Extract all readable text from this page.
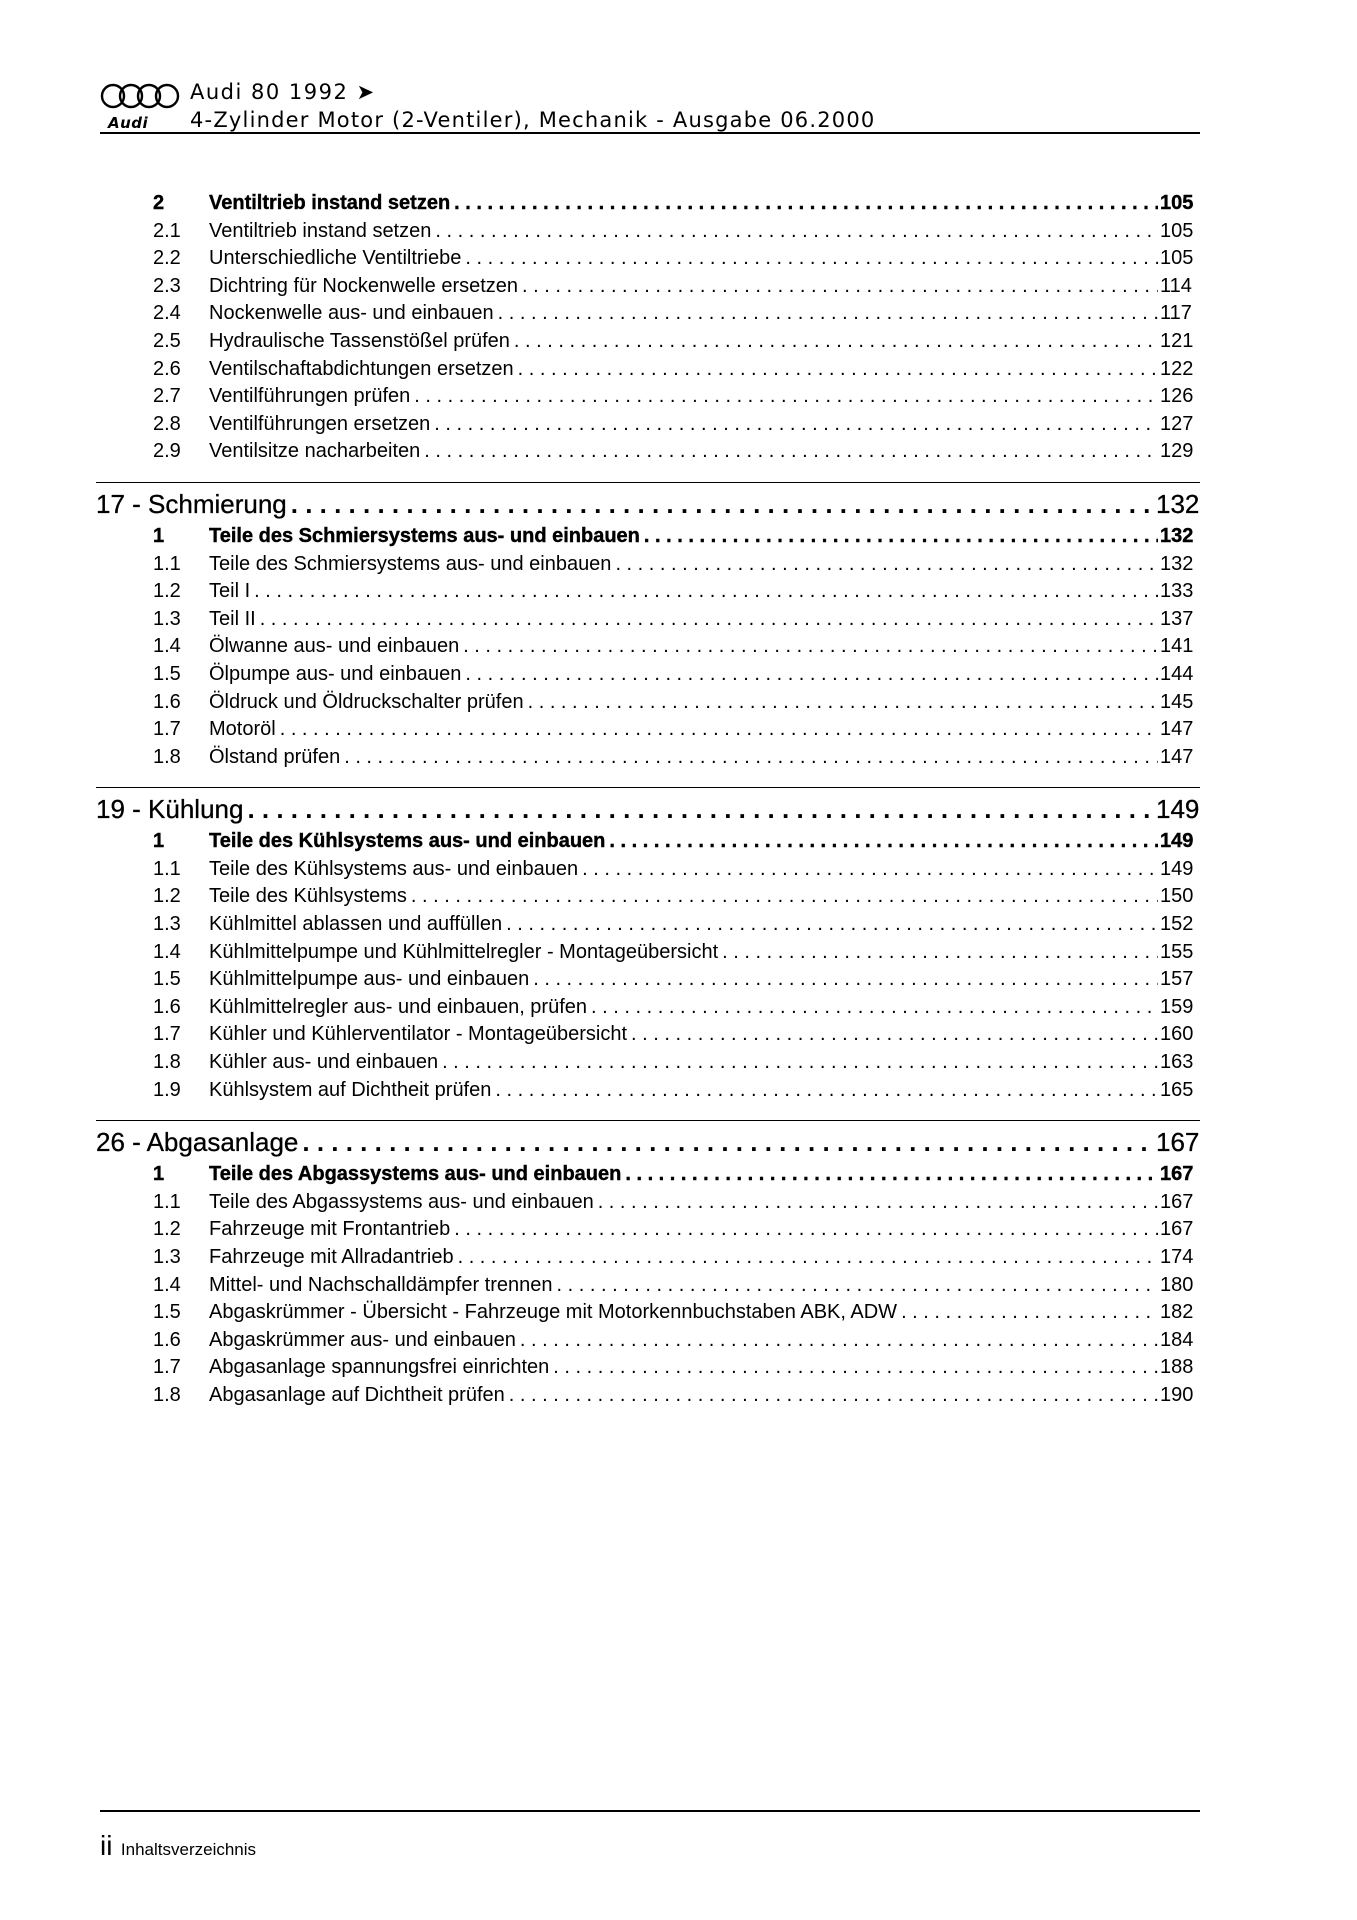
Audi
Audi 80 1992 ➤
4-Zylinder Motor (2-Ventiler), Mechanik - Ausgabe 06.2000
2	Ventiltrieb instand setzen . . .	105
2.1	Ventiltrieb instand setzen . . .	105
2.2	Unterschiedliche Ventiltriebe . . .	105
2.3	Dichtring für Nockenwelle ersetzen . . .	114
2.4	Nockenwelle aus- und einbauen . . .	117
2.5	Hydraulische Tassenstößel prüfen . . .	121
2.6	Ventilschaftabdichtungen ersetzen . . .	122
2.7	Ventilführungen prüfen . . .	126
2.8	Ventilführungen ersetzen . . .	127
2.9	Ventilsitze nacharbeiten . . .	129
17 - Schmierung . . .	132
1	Teile des Schmiersystems aus- und einbauen . . .	132
1.1	Teile des Schmiersystems aus- und einbauen . . .	132
1.2	Teil I . . .	133
1.3	Teil II . . .	137
1.4	Ölwanne aus- und einbauen . . .	141
1.5	Ölpumpe aus- und einbauen . . .	144
1.6	Öldruck und Öldruckschalter prüfen . . .	145
1.7	Motoröl . . .	147
1.8	Ölstand prüfen . . .	147
19 - Kühlung . . .	149
1	Teile des Kühlsystems aus- und einbauen . . .	149
1.1	Teile des Kühlsystems aus- und einbauen . . .	149
1.2	Teile des Kühlsystems . . .	150
1.3	Kühlmittel ablassen und auffüllen . . .	152
1.4	Kühlmittelpumpe und Kühlmittelregler - Montageübersicht . . .	155
1.5	Kühlmittelpumpe aus- und einbauen . . .	157
1.6	Kühlmittelregler aus- und einbauen, prüfen . . .	159
1.7	Kühler und Kühlerventilator - Montageübersicht . . .	160
1.8	Kühler aus- und einbauen . . .	163
1.9	Kühlsystem auf Dichtheit prüfen . . .	165
26 - Abgasanlage . . .	167
1	Teile des Abgassystems aus- und einbauen . . .	167
1.1	Teile des Abgassystems aus- und einbauen . . .	167
1.2	Fahrzeuge mit Frontantrieb . . .	167
1.3	Fahrzeuge mit Allradantrieb . . .	174
1.4	Mittel- und Nachschalldämpfer trennen . . .	180
1.5	Abgaskrümmer - Übersicht - Fahrzeuge mit Motorkennbuchstaben ABK, ADW . . .	182
1.6	Abgaskrümmer aus- und einbauen . . .	184
1.7	Abgasanlage spannungsfrei einrichten . . .	188
1.8	Abgasanlage auf Dichtheit prüfen . . .	190
ii Inhaltsverzeichnis
